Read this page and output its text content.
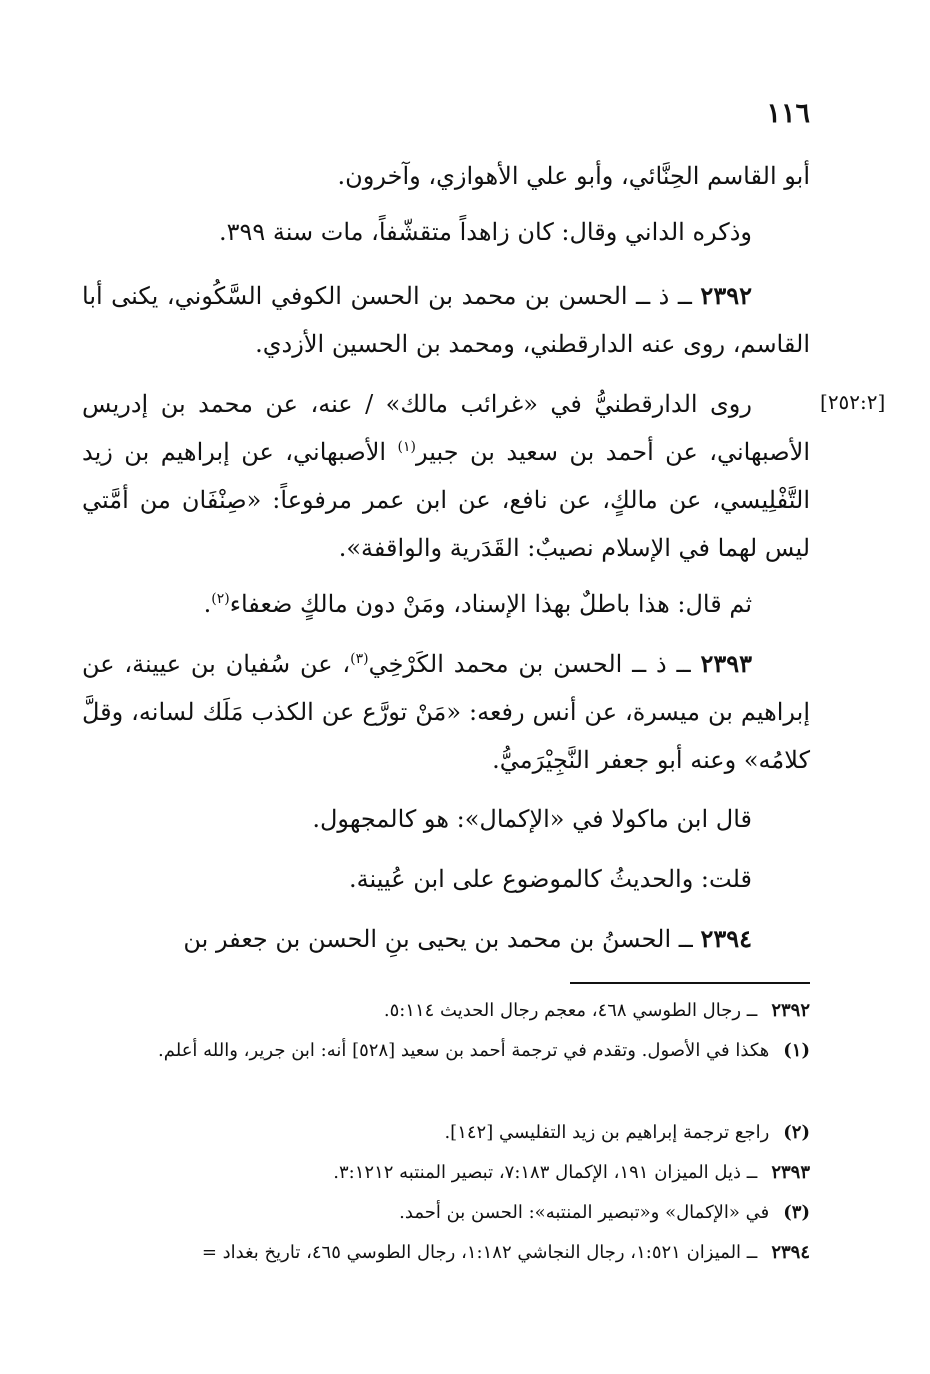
١١٦
أبو القاسم الحِنَّائي، وأبو علي الأهوازي، وآخرون.
وذكره الداني وقال: كان زاهداً متقشّفاً، مات سنة ٣٩٩.
٢٣٩٢ ــ ذ ــ الحسن بن محمد بن الحسن الكوفي السَّكُوني، يكنى أبا القاسم، روى عنه الدارقطني، ومحمد بن الحسين الأزدي.
[٢٥٢:٢]
روى الدارقطنيُّ في «غرائب مالك» / عنه، عن محمد بن إدريس الأصبهاني، عن أحمد بن سعيد بن جبير$^{(١)}$ الأصبهاني، عن إبراهيم بن زيد التَّفْلِيسي، عن مالكٍ، عن نافع، عن ابن عمر مرفوعاً: «صِنْفَان من أمَّتي ليس لهما في الإسلام نصيبٌ: القَدَرية والواقفة».
ثم قال: هذا باطلٌ بهذا الإسناد، ومَنْ دون مالكٍ ضعفاء$^{(٢)}$.
٢٣٩٣ ــ ذ ــ الحسن بن محمد الكَرْخِي$^{(٣)}$، عن سُفيان بن عيينة، عن إبراهيم بن ميسرة، عن أنس رفعه: «مَنْ تورَّع عن الكذب مَلَك لسانه، وقلَّ كلامُه» وعنه أبو جعفر النَّجِيْرَميُّ.
قال ابن ماكولا في «الإكمال»: هو كالمجهول.
قلت: والحديثُ كالموضوع على ابن عُيينة.
٢٣٩٤ ــ الحسنُ بن محمد بن يحيى بنِ الحسن بن جعفر بن
٢٣٩٢ــ رجال الطوسي ٤٦٨، معجم رجال الحديث ٥:١١٤.
(١)هكذا في الأصول. وتقدم في ترجمة أحمد بن سعيد [٥٢٨] أنه: ابن جرير، والله أعلم.
(٢)راجع ترجمة إبراهيم بن زيد التفليسي [١٤٢].
٢٣٩٣ــ ذيل الميزان ١٩١، الإكمال ٧:١٨٣، تبصير المنتبه ٣:١٢١٢.
(٣)في «الإكمال» و«تبصير المنتبه»: الحسن بن أحمد.
٢٣٩٤ــ الميزان ١:٥٢١، رجال النجاشي ١:١٨٢، رجال الطوسي ٤٦٥، تاريخ بغداد =
